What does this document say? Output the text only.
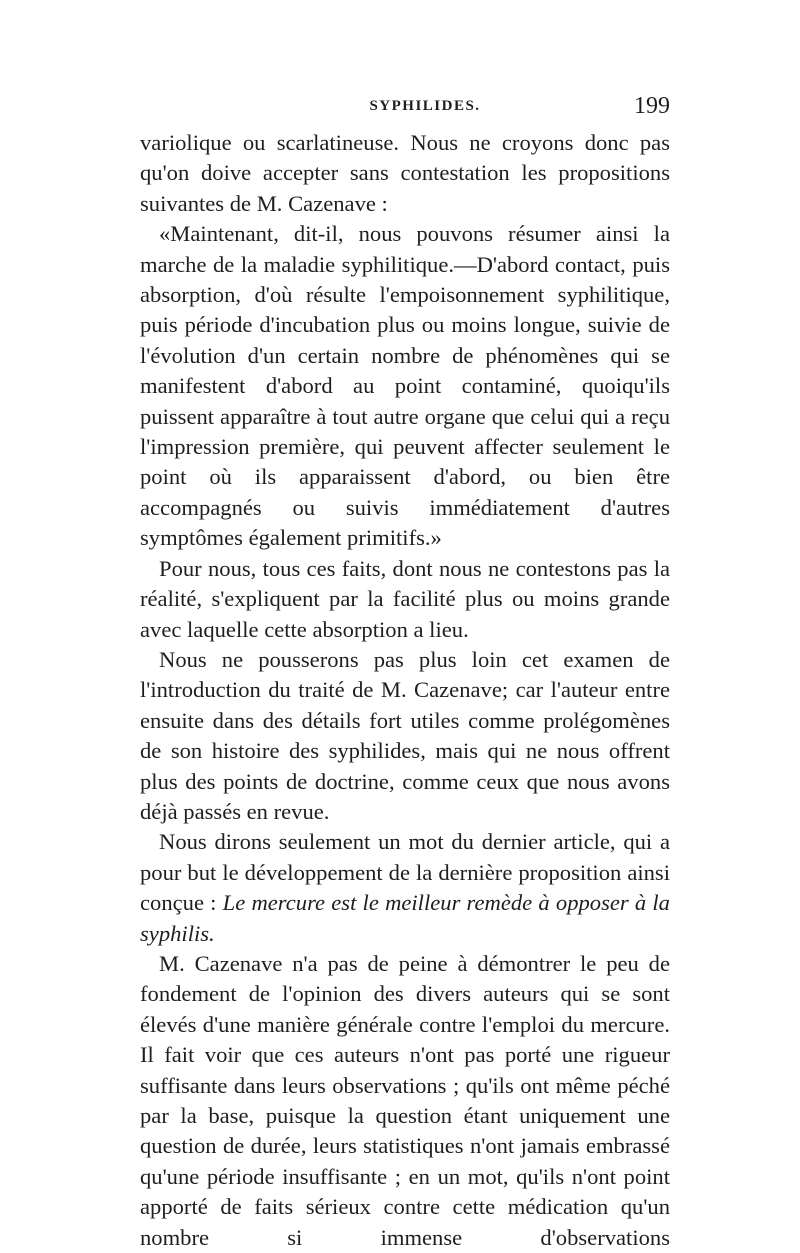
SYPHILIDES.	199

variolique ou scarlatineuse. Nous ne croyons donc pas qu'on doive accepter sans contestation les propositions suivantes de M. Cazenave :

«Maintenant, dit-il, nous pouvons résumer ainsi la marche de la maladie syphilitique.—D'abord contact, puis absorption, d'où résulte l'empoisonnement syphilitique, puis période d'incubation plus ou moins longue, suivie de l'évolution d'un certain nombre de phénomènes qui se manifestent d'abord au point contaminé, quoiqu'ils puissent apparaître à tout autre organe que celui qui a reçu l'impression première, qui peuvent affecter seulement le point où ils apparaissent d'abord, ou bien être accompagnés ou suivis immédiatement d'autres symptômes également primitifs.»

Pour nous, tous ces faits, dont nous ne contestons pas la réalité, s'expliquent par la facilité plus ou moins grande avec laquelle cette absorption a lieu.

Nous ne pousserons pas plus loin cet examen de l'introduction du traité de M. Cazenave; car l'auteur entre ensuite dans des détails fort utiles comme prolégomènes de son histoire des syphilides, mais qui ne nous offrent plus des points de doctrine, comme ceux que nous avons déjà passés en revue.

Nous dirons seulement un mot du dernier article, qui a pour but le développement de la dernière proposition ainsi conçue : Le mercure est le meilleur remède à opposer à la syphilis.

M. Cazenave n'a pas de peine à démontrer le peu de fondement de l'opinion des divers auteurs qui se sont élevés d'une manière générale contre l'emploi du mercure. Il fait voir que ces auteurs n'ont pas porté une rigueur suffisante dans leurs observations ; qu'ils ont même péché par la base, puisque la question étant uniquement une question de durée, leurs statistiques n'ont jamais embrassé qu'une période insuffisante ; en un mot, qu'ils n'ont point apporté de faits sérieux contre cette médication qu'un nombre si immense d'observations
